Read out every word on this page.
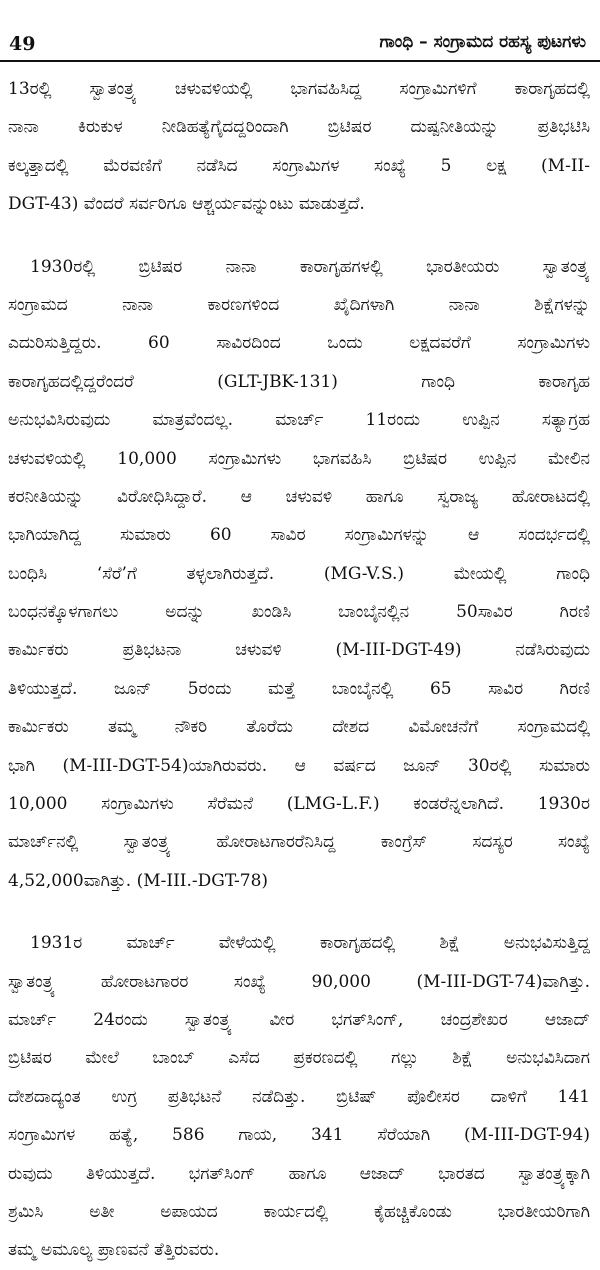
49	ಗಾಂಧಿ – ಸಂಗ್ರಾಮದ ರಹಸ್ಯ ಪುಟಗಳು
13ರಲ್ಲಿ ಸ್ವಾತಂತ್ರ್ಯ ಚಳುವಳಿಯಲ್ಲಿ ಭಾಗವಹಿಸಿದ್ದ ಸಂಗ್ರಾಮಿಗಳಿಗೆ ಕಾರಾಗೃಹದಲ್ಲಿ
ನಾನಾ ಕಿರುಕುಳ ನೀಡಿಹತ್ಯೆಗೈದದ್ದರಿಂದಾಗಿ ಬ್ರಿಟಿಷರ ದುಷ್ಪನೀತಿಯನ್ನು ಪ್ರತಿಭಟಿಸಿ
ಕಲ್ಕತ್ತಾದಲ್ಲಿ ಮೆರವಣಿಗೆ ನಡೆಸಿದ ಸಂಗ್ರಾಮಿಗಳ ಸಂಖ್ಯೆ 5 ಲಕ್ಷ (M-II-
DGT-43) ವೆಂದರೆ ಸರ್ವರಿಗೂ ಆಶ್ಚರ್ಯವನ್ನುಂಟು ಮಾಡುತ್ತದೆ.
1930ರಲ್ಲಿ ಬ್ರಿಟಿಷರ ನಾನಾ ಕಾರಾಗೃಹಗಳಲ್ಲಿ ಭಾರತೀಯರು ಸ್ವಾತಂತ್ರ್ಯ
ಸಂಗ್ರಾಮದ ನಾನಾ ಕಾರಣಗಳಿಂದ ಖೈದಿಗಳಾಗಿ ನಾನಾ ಶಿಕ್ಷೆಗಳನ್ನು
ಎದುರಿಸುತ್ತಿದ್ದರು. 60 ಸಾವಿರದಿಂದ ಒಂದು ಲಕ್ಷದವರೆಗೆ ಸಂಗ್ರಾಮಿಗಳು
ಕಾರಾಗೃಹದಲ್ಲಿದ್ದರೆಂದರೆ (GLT-JBK-131) ಗಾಂಧಿ ಕಾರಾಗೃಹ
ಅನುಭವಿಸಿರುವುದು ಮಾತ್ರವೆಂದಲ್ಲ. ಮಾರ್ಚ್ 11ರಂದು ಉಪ್ಪಿನ ಸತ್ಯಾಗ್ರಹ
ಚಳುವಳಿಯಲ್ಲಿ 10,000 ಸಂಗ್ರಾಮಿಗಳು ಭಾಗವಹಿಸಿ ಬ್ರಿಟಿಷರ ಉಪ್ಪಿನ ಮೇಲಿನ
ಕರನೀತಿಯನ್ನು ವಿರೋಧಿಸಿದ್ದಾರೆ. ಆ ಚಳುವಳಿ ಹಾಗೂ ಸ್ವರಾಜ್ಯ ಹೋರಾಟದಲ್ಲಿ
ಭಾಗಿಯಾಗಿದ್ದ ಸುಮಾರು 60 ಸಾವಿರ ಸಂಗ್ರಾಮಿಗಳನ್ನು ಆ ಸಂದರ್ಭದಲ್ಲಿ
ಬಂಧಿಸಿ ‘ಸೆರೆ’ಗೆ ತಳ್ಳಲಾಗಿರುತ್ತದೆ. (MG-V.S.) ಮೇಯಲ್ಲಿ ಗಾಂಧಿ
ಬಂಧನಕ್ಕೊಳಗಾಗಲು ಅದನ್ನು ಖಂಡಿಸಿ ಬಾಂಬೈನಲ್ಲಿನ 50ಸಾವಿರ ಗಿರಣಿ
ಕಾರ್ಮಿಕರು ಪ್ರತಿಭಟನಾ ಚಳುವಳಿ (M-III-DGT-49) ನಡೆಸಿರುವುದು
ತಿಳಿಯುತ್ತದೆ. ಜೂನ್ 5ರಂದು ಮತ್ತೆ ಬಾಂಬೈನಲ್ಲಿ 65 ಸಾವಿರ ಗಿರಣಿ
ಕಾರ್ಮಿಕರು ತಮ್ಮ ನೌಕರಿ ತೊರೆದು ದೇಶದ ವಿಮೋಚನೆಗೆ ಸಂಗ್ರಾಮದಲ್ಲಿ
ಭಾಗಿ (M-III-DGT-54)ಯಾಗಿರುವರು. ಆ ವರ್ಷದ ಜೂನ್ 30ರಲ್ಲಿ ಸುಮಾರು
10,000 ಸಂಗ್ರಾಮಿಗಳು ಸೆರೆಮನೆ (LMG-L.F.) ಕಂಡರೆನ್ನಲಾಗಿದೆ. 1930ರ
ಮಾರ್ಚ್‌ನಲ್ಲಿ ಸ್ವಾತಂತ್ರ್ಯ ಹೋರಾಟಗಾರರೆನಿಸಿದ್ದ ಕಾಂಗ್ರೆಸ್ ಸದಸ್ಯರ ಸಂಖ್ಯೆ
4,52,000ವಾಗಿತ್ತು. (M-III.-DGT-78)
1931ರ ಮಾರ್ಚ್ ವೇಳೆಯಲ್ಲಿ ಕಾರಾಗೃಹದಲ್ಲಿ ಶಿಕ್ಷೆ ಅನುಭವಿಸುತ್ತಿದ್ದ
ಸ್ವಾತಂತ್ರ್ಯ ಹೋರಾಟಗಾರರ ಸಂಖ್ಯೆ 90,000 (M-III-DGT-74)ವಾಗಿತ್ತು.
ಮಾರ್ಚ್ 24ರಂದು ಸ್ವಾತಂತ್ರ್ಯ ವೀರ ಭಗತ್‌ಸಿಂಗ್, ಚಂದ್ರಶೇಖರ ಆಜಾದ್
ಬ್ರಿಟಿಷರ ಮೇಲೆ ಬಾಂಬ್ ಎಸೆದ ಪ್ರಕರಣದಲ್ಲಿ ಗಲ್ಲು ಶಿಕ್ಷೆ ಅನುಭವಿಸಿದಾಗ
ದೇಶದಾದ್ಯಂತ ಉಗ್ರ ಪ್ರತಿಭಟನೆ ನಡೆದಿತ್ತು. ಬ್ರಿಟಿಷ್ ಪೊಲೀಸರ ದಾಳಿಗೆ 141
ಸಂಗ್ರಾಮಿಗಳ ಹತ್ಯೆ, 586 ಗಾಯ, 341 ಸೆರೆಯಾಗಿ (M-III-DGT-94)
ರುವುದು ತಿಳಿಯುತ್ತದೆ. ಭಗತ್‌ಸಿಂಗ್ ಹಾಗೂ ಆಜಾದ್ ಭಾರತದ ಸ್ವಾತಂತ್ರ್ಯಕ್ಕಾಗಿ
ಶ್ರಮಿಸಿ ಅತೀ ಅಪಾಯದ ಕಾರ್ಯದಲ್ಲಿ ಕೈಹಚ್ಚಿಕೊಂಡು ಭಾರತೀಯರಿಗಾಗಿ
ತಮ್ಮ ಅಮೂಲ್ಯ ಪ್ರಾಣವನೆ ತೆತ್ತಿರುವರು.
